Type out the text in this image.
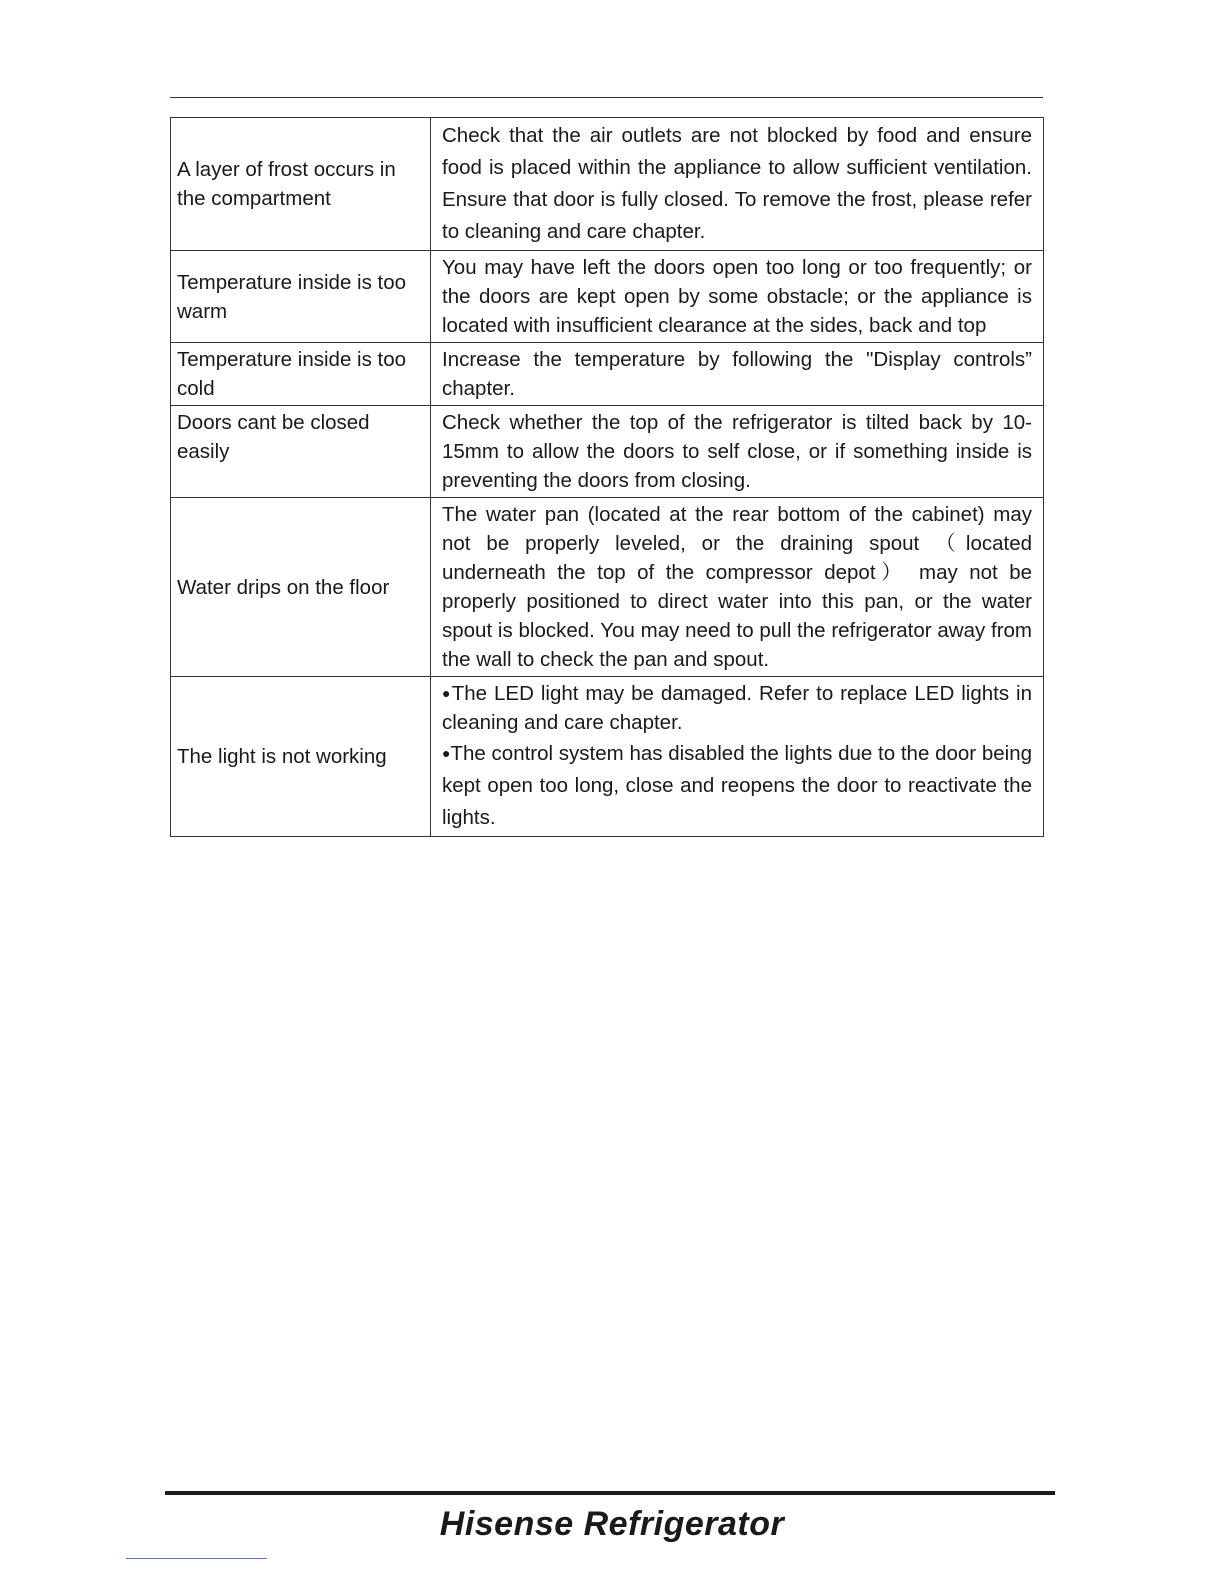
A layer of frost occurs in the compartment	Check that the air outlets are not blocked by food and ensure food is placed within the appliance to allow sufficient ventilation. Ensure that door is fully closed. To remove the frost, please refer to cleaning and care chapter.
Temperature inside is too warm	You may have left the doors open too long or too frequently; or the doors are kept open by some obstacle; or the appliance is located with insufficient clearance at the sides, back and top
Temperature inside is too cold	Increase the temperature by following the "Display controls” chapter.
Doors cant be closed easily	Check whether the top of the refrigerator is tilted back by 10-15mm to allow the doors to self close, or if something inside is preventing the doors from closing.
Water drips on the floor	The water pan (located at the rear bottom of the cabinet) may not be properly leveled, or the draining spout （located underneath the top of the compressor depot） may not be properly positioned to direct water into this pan, or the water spout is blocked. You may need to pull the refrigerator away from the wall to check the pan and spout.
The light is not working	●The LED light may be damaged. Refer to replace LED lights in cleaning and care chapter.
●The control system has disabled the lights due to the door being kept open too long, close and reopens the door to reactivate the lights.
Hisense Refrigerator
